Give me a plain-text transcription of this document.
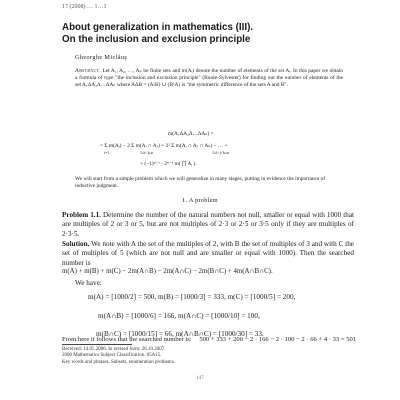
17 (2008) … 1…1
About generalization in mathematics (III).
On the inclusion and exclusion principle
Gheorghe Miclăuş
Abstract. Let A₁, A₂, …, Aₙ be finite sets and m(Aᵢ) denote the number of elements of the set Aᵢ. In this paper we obtain a formula of type "the inclusion and exclusion principle" (Boole-Sylvester) for finding out the number of elements of the set A₁ΔA₂Δ…ΔAₙ where AΔB = (A\B) ∪ (B\A) is "the symmetric difference of the sets A and B".
m(A₁ΔA₂Δ…ΔAₙ) =
= Σ m(Aᵢ) − 2 Σ m(Aᵢ ∩ Aⱼ) + 2² Σ m(Aᵢ ∩ Aⱼ ∩ Aₖ) − … +
i=1	1≤i<j≤n	1≤i<j<k≤n
+ (−1)ⁿ⁻¹ · 2ⁿ⁻¹ m( ⋂ Aᵢ ).
We will start from a simple problem which we will generalize in many stages, putting in evidence the importance of inductive judgment.
1. A problem
Problem 1.1. Determine the number of the natural numbers not null, smaller or equal with 1000 that are multiples of 2 or 3 or 5, but are not multiples of 2·3 or 2·5 or 3·5 only if they are multiples of 2·3·5.
Solution. We note with A the set of the multiples of 2, with B the set of multiples of 3 and with C the set of multiples of 5 (which are not null and are smaller or equal with 1000). Then the searched number is
m(A) + m(B) + m(C) − 2m(A∩B) − 2m(A∩C) − 2m(B∩C) + 4m(A∩B∩C).
We have:
m(A) = [1000/2] = 500, m(B) = [1000/3] = 333, m(C) = [1000/5] = 200,
m(A∩B) = [1000/6] = 166, m(A∩C) = [1000/10] = 100,
m(B∩C) = [1000/15] = 66, m(A∩B∩C) = [1000/30] = 33.
Received: 14.05.2006. In revised form: 26.10.2007.
2000 Mathematics Subject Classification. 05A15.
Key words and phrases. Subsets, enumeration problems.
147
From here it follows that the searched number is: 500 + 333 + 200 − 2 · 166 − 2 · 100 − 2 · 66 + 4 · 33 = 501
